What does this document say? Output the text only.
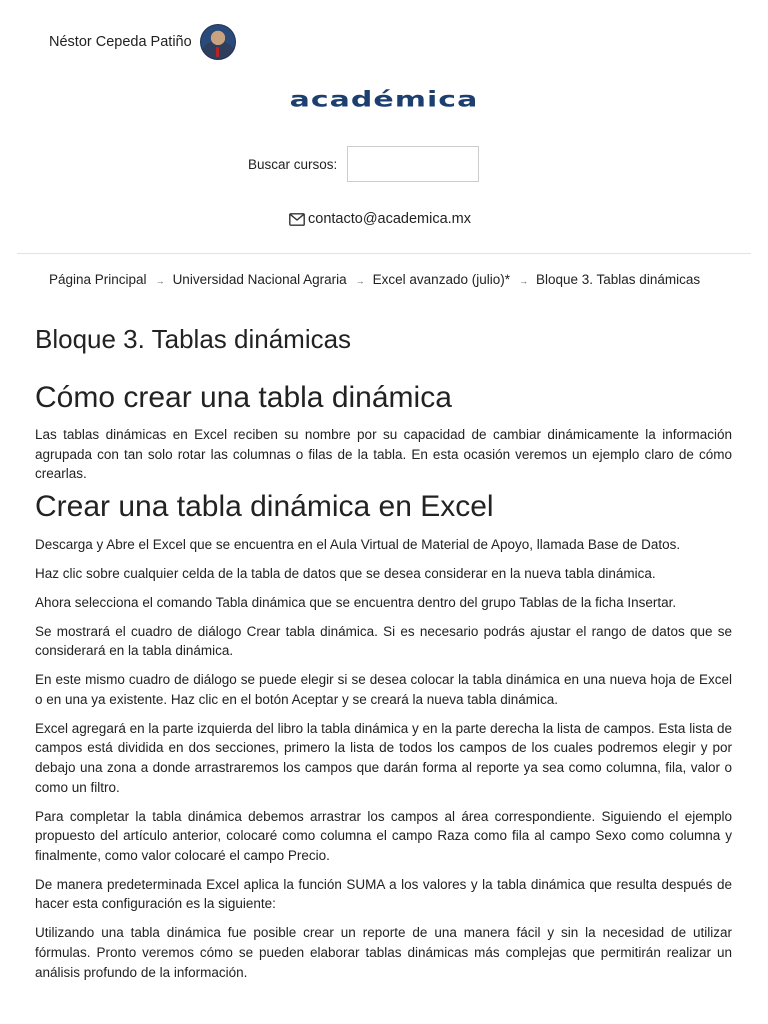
Néstor Cepeda Patiño
académica
Buscar cursos:
contacto@academica.mx
Página Principal → Universidad Nacional Agraria → Excel avanzado (julio)* → Bloque 3. Tablas dinámicas
Bloque 3. Tablas dinámicas
Cómo crear una tabla dinámica

Las tablas dinámicas en Excel reciben su nombre por su capacidad de cambiar dinámicamente la información agrupada con tan solo rotar las columnas o filas de la tabla. En esta ocasión veremos un ejemplo claro de cómo crearlas.

Crear una tabla dinámica en Excel

Descarga y Abre el Excel que se encuentra en el Aula Virtual de Material de Apoyo, llamada Base de Datos.

Haz clic sobre cualquier celda de la tabla de datos que se desea considerar en la nueva tabla dinámica.

Ahora selecciona el comando Tabla dinámica que se encuentra dentro del grupo Tablas de la ficha Insertar.

Se mostrará el cuadro de diálogo Crear tabla dinámica. Si es necesario podrás ajustar el rango de datos que se considerará en la tabla dinámica.

En este mismo cuadro de diálogo se puede elegir si se desea colocar la tabla dinámica en una nueva hoja de Excel o en una ya existente. Haz clic en el botón Aceptar y se creará la nueva tabla dinámica.

Excel agregará en la parte izquierda del libro la tabla dinámica y en la parte derecha la lista de campos. Esta lista de campos está dividida en dos secciones, primero la lista de todos los campos de los cuales podremos elegir y por debajo una zona a donde arrastraremos los campos que darán forma al reporte ya sea como columna, fila, valor o como un filtro.

Para completar la tabla dinámica debemos arrastrar los campos al área correspondiente. Siguiendo el ejemplo propuesto del artículo anterior, colocaré como columna el campo Raza como fila al campo Sexo como columna y finalmente, como valor colocaré el campo Precio.

De manera predeterminada Excel aplica la función SUMA a los valores y la tabla dinámica que resulta después de hacer esta configuración es la siguiente:

Utilizando una tabla dinámica fue posible crear un reporte de una manera fácil y sin la necesidad de utilizar fórmulas. Pronto veremos cómo se pueden elaborar tablas dinámicas más complejas que permitirán realizar un análisis profundo de la información.
